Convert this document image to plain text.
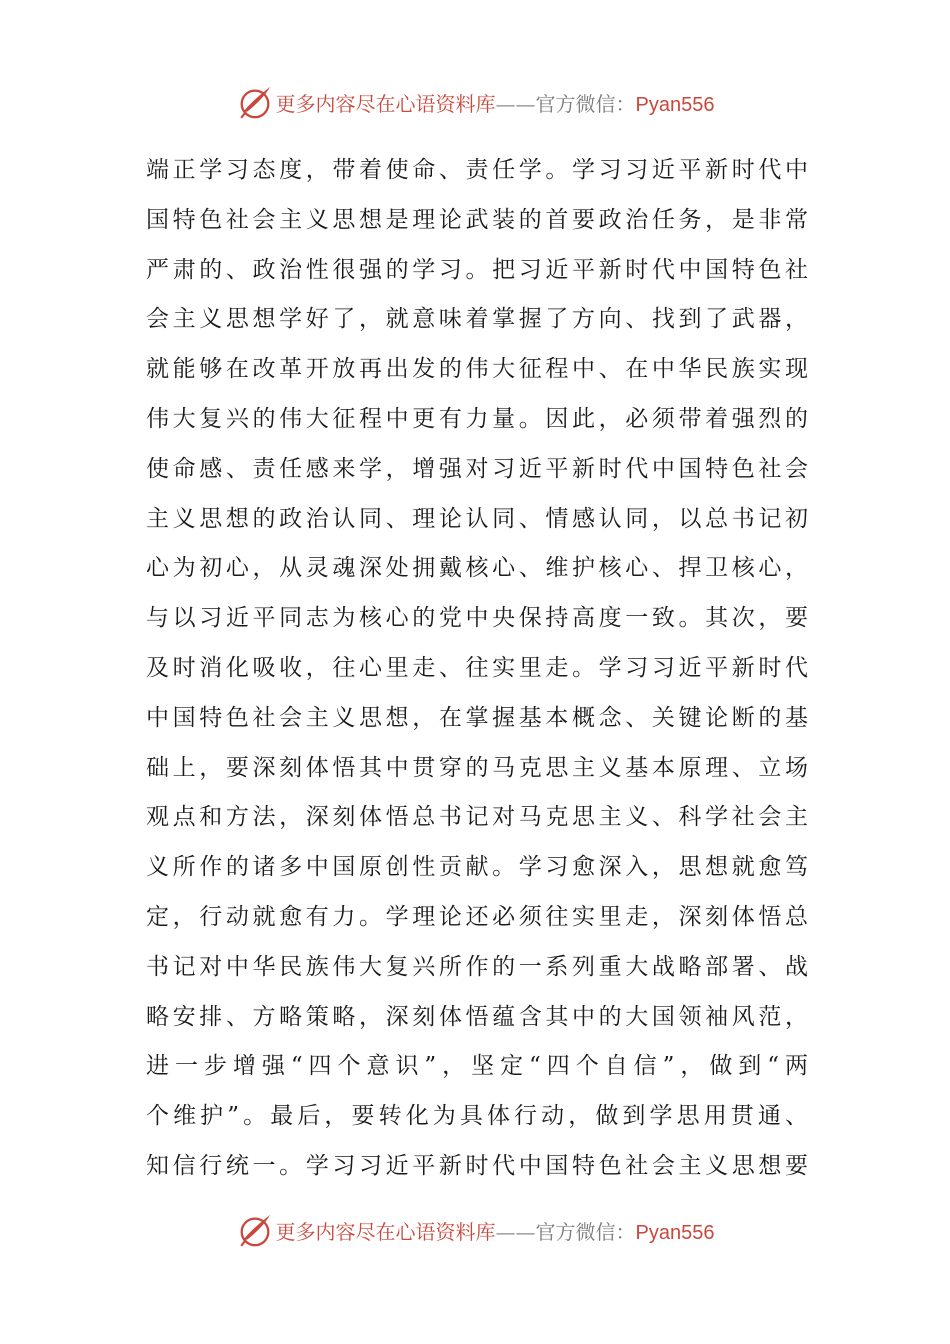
更多内容尽在心语资料库——官方微信：Pyan556
端正学习态度，带着使命、责任学。学习习近平新时代中
国特色社会主义思想是理论武装的首要政治任务，是非常
严肃的、政治性很强的学习。把习近平新时代中国特色社
会主义思想学好了，就意味着掌握了方向、找到了武器，
就能够在改革开放再出发的伟大征程中、在中华民族实现
伟大复兴的伟大征程中更有力量。因此，必须带着强烈的
使命感、责任感来学，增强对习近平新时代中国特色社会
主义思想的政治认同、理论认同、情感认同，以总书记初
心为初心，从灵魂深处拥戴核心、维护核心、捍卫核心，
与以习近平同志为核心的党中央保持高度一致。其次，要
及时消化吸收，往心里走、往实里走。学习习近平新时代
中国特色社会主义思想，在掌握基本概念、关键论断的基
础上，要深刻体悟其中贯穿的马克思主义基本原理、立场
观点和方法，深刻体悟总书记对马克思主义、科学社会主
义所作的诸多中国原创性贡献。学习愈深入，思想就愈笃
定，行动就愈有力。学理论还必须往实里走，深刻体悟总
书记对中华民族伟大复兴所作的一系列重大战略部署、战
略安排、方略策略，深刻体悟蕴含其中的大国领袖风范，
进一步增强“四个意识”，坚定“四个自信”，做到“两
个维护”。最后，要转化为具体行动，做到学思用贯通、
知信行统一。学习习近平新时代中国特色社会主义思想要
更多内容尽在心语资料库——官方微信：Pyan556
